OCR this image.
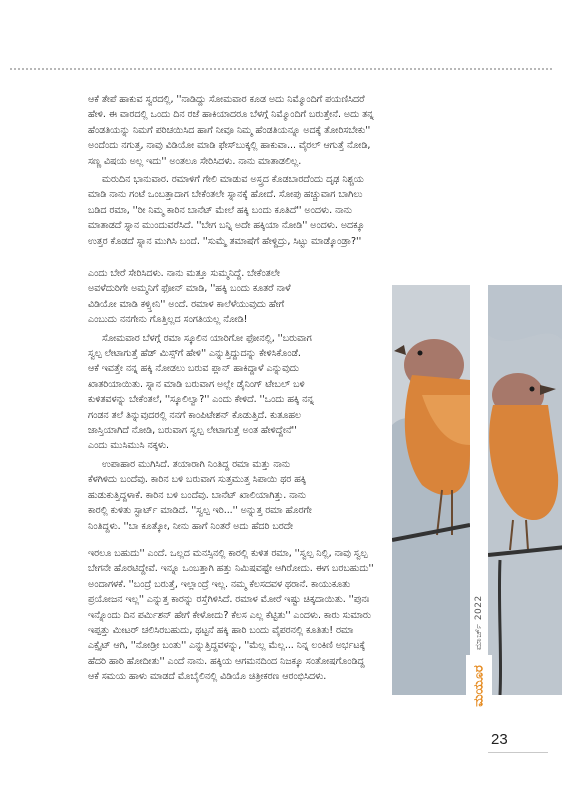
ಆಕೆ ತೇಪೆ ಹಾಕುವ ಸ್ವರದಲ್ಲಿ, ''ನಾಡಿದ್ದು ಸೋಮವಾರ ಕೂಡ ಅದು ನಿಮ್ಮೊಂದಿಗೆ ಪಯಣಿಸಿದರೆ

ಹೇಳಿ. ಈ ವಾರದಲ್ಲಿ ಒಂದು ದಿನ ರಜೆ ಹಾಕಿಯಾದರೂ ಬೆಳಗ್ಗೆ ನಿಮ್ಮೊಂದಿಗೆ ಬರುತ್ತೇನೆ. ಅದು ತನ್ನ

ಹೆಂಡತಿಯನ್ನು ನಿಮಗೆ ಪರಿಚಯಿಸಿದ ಹಾಗೆ ನೀವೂ ನಿಮ್ಮ ಹೆಂಡತಿಯನ್ನೂ ಅದಕ್ಕೆ ತೋರಿಸಬೇಕು''

ಅಂದೆಂದು ನಗುತ್ತ, ನಾವು ವಿಡಿಯೋ ಮಾಡಿ ಫೇಸ್‌ಬುಕ್ಕಲ್ಲಿ ಹಾಕುವಾ... ವೈರಲ್ ಆಗುತ್ತೆ ನೋಡಿ,

ಸಣ್ಣ ವಿಷಯ ಅಲ್ಲ ಇದು'' ಅಂತಲೂ ಸೇರಿಸಿದಳು. ನಾನು ಮಾತಾಡಲಿಲ್ಲ.

ಮರುದಿನ ಭಾನುವಾರ. ರಮಾಳಿಗೆ ಗೇಲಿ ಮಾಡುವ ಅಸ್ತ್ರದ ಕೊಡಬಾರದೆಂದು ದೃಢ ನಿಶ್ಚಯ

ಮಾಡಿ ನಾನು ಗಂಟೆ ಒಂಬತ್ತಾದಾಗ ಬೇಕೆಂತಲೇ ಸ್ನಾನಕ್ಕೆ ಹೋದೆ. ಸೋಪು ಹಚ್ಚುವಾಗ ಬಾಗಿಲು

ಬಡಿದ ರಮಾ, ''ರೀ ನಿಮ್ಮ ಕಾರಿನ ಬಾನೆಟ್ ಮೇಲೆ ಹಕ್ಕಿ ಬಂದು ಕೂತಿದೆ'' ಅಂದಳು. ನಾನು

ಮಾತಾಡದೆ ಸ್ನಾನ ಮುಂದುವರೆಸಿದೆ. ''ಬೇಗ ಬನ್ನಿ ಅದೇ ಹಕ್ಕಿಯಾ ನೋಡಿ'' ಅಂದಳು. ಅದಕ್ಕೂ

ಉತ್ತರ ಕೊಡದೆ ಸ್ನಾನ ಮುಗಿಸಿ ಬಂದೆ. ''ಸುಮ್ಮೆ ತಮಾಷೆಗೆ ಹೇಳ್ದಿದ್ರು, ಸಿಟ್ಟು ಮಾಡ್ಕೊಂಡ್ರಾ?''

ಎಂದು ಬೇರೆ ಸೇರಿಸಿದಳು. ನಾನು ಮತ್ತೂ ಸುಮ್ಮನಿದ್ದೆ. ಬೇಕೆಂತಲೇ

ಅವಳೆದುರಿಗೇ ಅಮ್ಮನಿಗೆ ಫೋನ್ ಮಾಡಿ, ''ಹಕ್ಕಿ ಬಂದು ಕೂತರೆ ನಾಳೆ

ವಿಡಿಯೋ ಮಾಡಿ ಕಳ್ಸ್ತೀನಿ'' ಅಂದೆ. ರಮಾಳ ಕಾಲೆಳೆಯುವುದು ಹೇಗೆ

ಎಂಬುದು ನನಗೇನು ಗೊತ್ತಿಲ್ಲದ ಸಂಗತಿಯಲ್ಲ ನೋಡಿ!

ಸೋಮವಾರ ಬೆಳಗ್ಗೆ ರಮಾ ಸ್ಕೂಲಿನ ಯಾರಿಗೋ ಫೋನಲ್ಲಿ, ''ಬರುವಾಗ

ಸ್ವಲ್ಪ ಲೇಟಾಗುತ್ತೆ ಹೆಡ್ ಮಿಸ್ಸ್‌ಗೆ ಹೇಳಿ'' ಎನ್ನುತ್ತಿದ್ದುದನ್ನು ಕೇಳಿಸಿಕೊಂಡೆ.

ಆಕೆ ಇವತ್ತೇ ನನ್ನ ಹಕ್ಕಿ ನೋಡಲು ಬರುವ ಪ್ಲಾನ್ ಹಾಕಿದ್ದಾಳೆ ಎನ್ನುವುದು

ಖಾತರಿಯಾಯಿತು. ಸ್ನಾನ ಮಾಡಿ ಬರುವಾಗ ಅಲ್ಲೇ ಡೈನಿಂಗ್ ಟೇಬಲ್ ಬಳಿ

ಕುಳಿತವಳನ್ನು ಬೇಕೆಂತಲೆ, ''ಸ್ಕೂಲಿಲ್ವಾ?'' ಎಂದು ಕೇಳಿದೆ. ''ಒಂದು ಹಕ್ಕಿ ನನ್ನ

ಗಂಡನ ತಲೆ ತಿನ್ನುವುದರಲ್ಲಿ ನನಗೆ ಕಾಂಪಿಟೇಶನ್ ಕೊಡುತ್ತಿದೆ. ಕುತೂಹಲ

ಜಾಸ್ತಿಯಾಗಿದೆ ನೋಡಿ, ಬರುವಾಗ ಸ್ವಲ್ಪ ಲೇಟಾಗುತ್ತೆ ಅಂತ ಹೇಳಿದ್ದೇನೆ''

ಎಂದು ಮುಸಿಮುಸಿ ನಕ್ಕಳು.

ಉಪಾಹಾರ ಮುಗಿಸಿದೆ. ತಯಾರಾಗಿ ನಿಂತಿದ್ದ ರಮಾ ಮತ್ತು ನಾನು

ಕೆಳಗಿಳಿದು ಬಂದೆವು. ಕಾರಿನ ಬಳಿ ಬರುವಾಗ ಸುತ್ತಮುತ್ತ ಸಿಪಾಯಿ ಥರ ಹಕ್ಕಿ

ಹುಡುಕುತ್ತಿದ್ದಳಾಕೆ. ಕಾರಿನ ಬಳಿ ಬಂದೆವು. ಬಾನೆಟ್ ಖಾಲಿಯಾಗಿತ್ತು. ನಾನು

ಕಾರಲ್ಲಿ ಕುಳಿತು ಸ್ಟಾರ್ಟ್ ಮಾಡಿದೆ. ''ಸ್ವಲ್ಪ ಇರಿ...'' ಅನ್ನುತ್ತ ರಮಾ ಹೊರಗೇ

ನಿಂತಿದ್ದಳು. ''ಬಾ ಕೂತ್ಕೋ, ನೀನು ಹಾಗೆ ನಿಂತರೆ ಅದು ಹೆದರಿ ಬರದೇ

ಇರಲೂ ಬಹುದು'' ಎಂದೆ. ಒಲ್ಲದ ಮನಸ್ಸಿನಲ್ಲಿ ಕಾರಲ್ಲಿ ಕುಳಿತ ರಮಾ, ''ಸ್ವಲ್ಪ ನಿಲ್ಲಿ, ನಾವು ಸ್ವಲ್ಪ

ಬೇಗನೇ ಹೊರಟಿದ್ದೇವೆ. ಇನ್ನೂ ಒಂಬತ್ತಾಗಿ ಹತ್ತು ನಿಮಿಷವಷ್ಟೇ ಆಗಿರೋದು. ಈಗ ಬರಬಹುದು''

ಅಂದಾಗಳಕೆ. ''ಬಂದ್ರೆ ಬರುತ್ತೆ, ಇಲ್ಲಾಂದ್ರೆ ಇಲ್ಲ. ನಮ್ಮ ಕೆಲಸದವಳ ಥರಾನೆ. ಕಾಯುಕೂತು

ಪ್ರಯೋಜನ ಇಲ್ಲ'' ಎನ್ನುತ್ತ ಕಾರನ್ನು ರಸ್ತೆಗಿಳಿಸಿದೆ. ರಮಾಳ ಮೋರೆ ಇಷ್ಟು ಚಿಕ್ಕದಾಯಿತು. ''ಪುನಃ

ಇನ್ನೊಂದು ದಿನ ಪರ್ಮಿಶನ್ ಹೇಗೆ ಕೇಳೋದು? ಕೆಲಸ ಎಲ್ಲ ಕೆಟ್ಟಿತು'' ಎಂದಳು. ಕಾರು ಸುಮಾರು

ಇಪ್ಪತ್ತು ಮೀಟರ್ ಚಲಿಸಿರಬಹುದು, ಥಟ್ಟನೆ ಹಕ್ಕಿ ಹಾರಿ ಬಂದು ವೈಪರನಲ್ಲಿ ಕೂತಿತು! ರಮಾ

ಎಕ್ಸೈಟ್ ಆಗಿ, ''ನೋಡ್ರೀ ಬಂತು'' ಎನ್ನುತ್ತಿದ್ದವಳನ್ನು, ''ಮೆಲ್ಲ ಮೆಲ್ಲ... ನಿನ್ನ ಲಂಕಿಣಿ ಅರ್ಭಟಕ್ಕೆ

ಹೆದರಿ ಹಾರಿ ಹೋದೀತು'' ಎಂದೆ ನಾನು. ಹಕ್ಕಿಯ ಆಗಮನದಿಂದ ನಿಜಕ್ಕೂ ಸಂತೋಷಗೊಂಡಿದ್ದ

ಆಕೆ ಸಮಯ ಹಾಳು ಮಾಡದೆ ಮೊಬೈಲಿನಲ್ಲಿ ವಿಡಿಯೊ ಚಿತ್ರೀಕರಣ ಆರಂಭಿಸಿದಳು.

ಮಾರ್ಚ್ 2022
ಮಯೂರ
23
